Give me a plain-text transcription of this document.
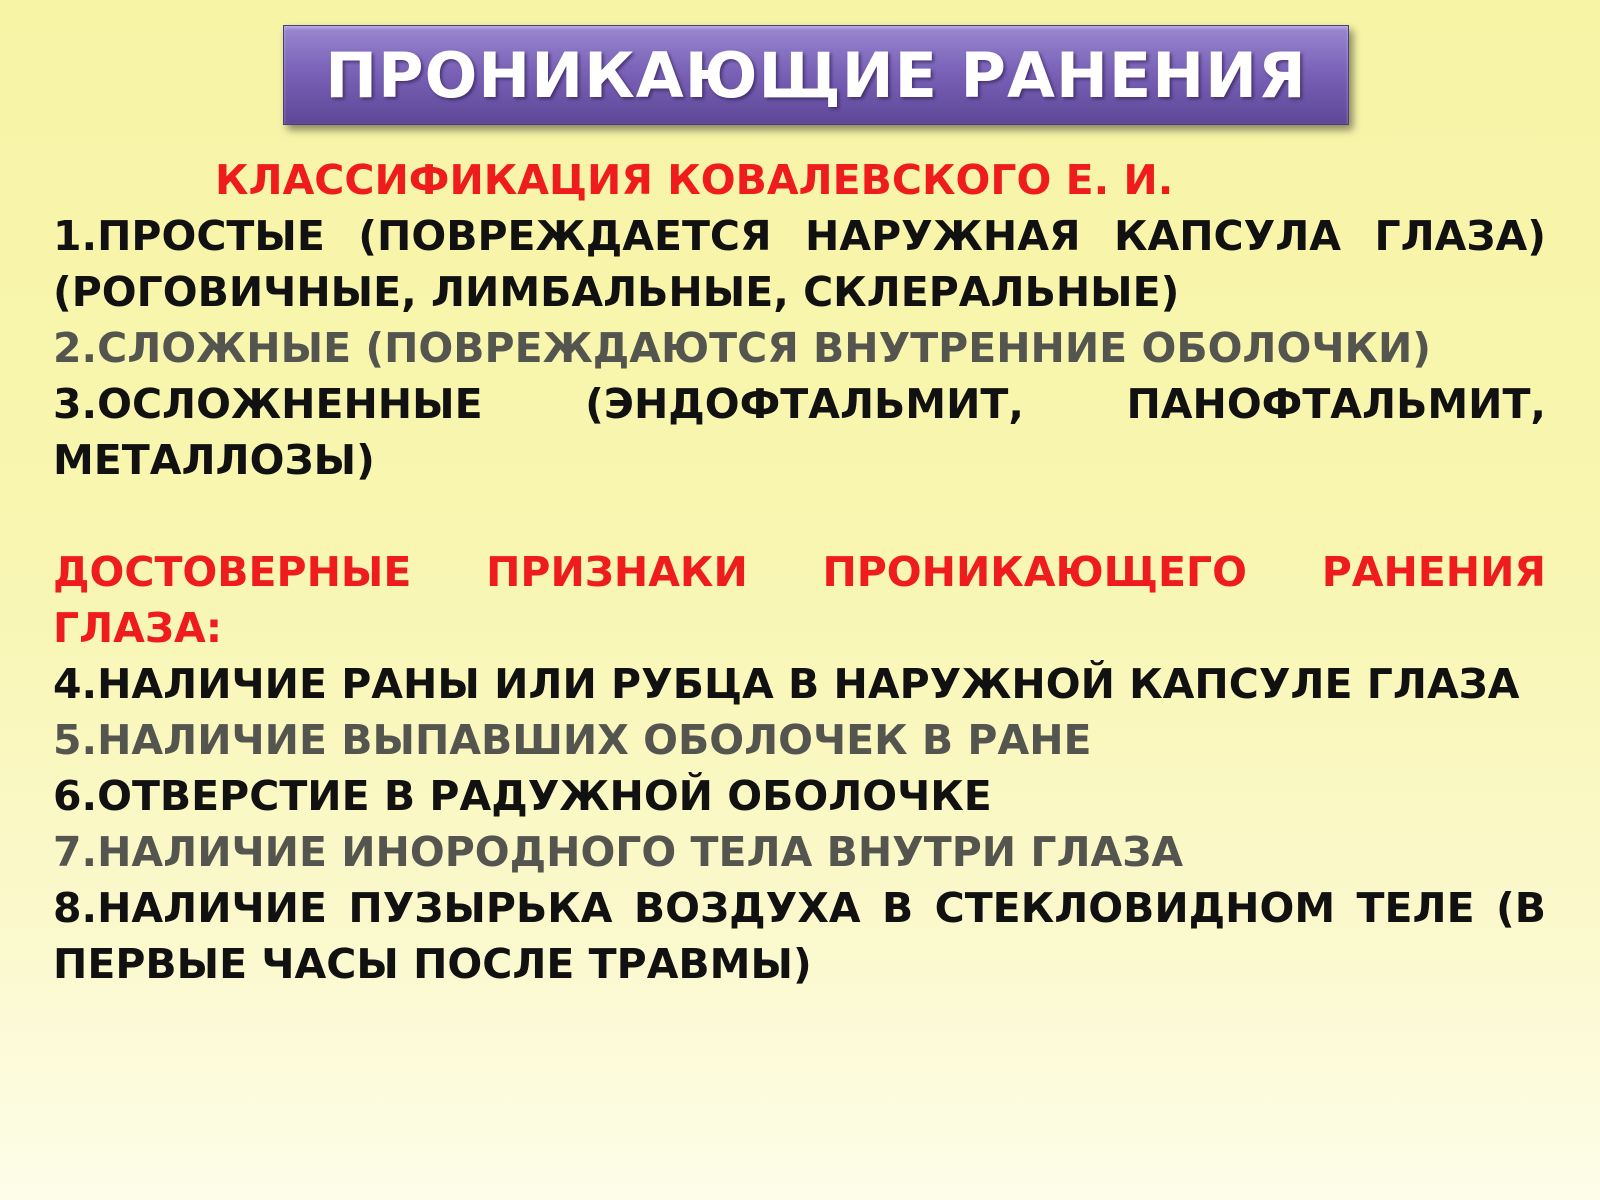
ПРОНИКАЮЩИЕ РАНЕНИЯ

КЛАССИФИКАЦИЯ КОВАЛЕВСКОГО Е. И.

1.ПРОСТЫЕ (ПОВРЕЖДАЕТСЯ НАРУЖНАЯ КАПСУЛА ГЛАЗА) (РОГОВИЧНЫЕ, ЛИМБАЛЬНЫЕ, СКЛЕРАЛЬНЫЕ)

2.СЛОЖНЫЕ (ПОВРЕЖДАЮТСЯ ВНУТРЕННИЕ ОБОЛОЧКИ)

3.ОСЛОЖНЕННЫЕ (ЭНДОФТАЛЬМИТ, ПАНОФТАЛЬМИТ, МЕТАЛЛОЗЫ)

ДОСТОВЕРНЫЕ ПРИЗНАКИ ПРОНИКАЮЩЕГО РАНЕНИЯ ГЛАЗА:

4.НАЛИЧИЕ РАНЫ ИЛИ РУБЦА В НАРУЖНОЙ КАПСУЛЕ ГЛАЗА

5.НАЛИЧИЕ ВЫПАВШИХ ОБОЛОЧЕК В РАНЕ

6.ОТВЕРСТИЕ В РАДУЖНОЙ ОБОЛОЧКЕ

7.НАЛИЧИЕ ИНОРОДНОГО ТЕЛА ВНУТРИ ГЛАЗА

8.НАЛИЧИЕ ПУЗЫРЬКА ВОЗДУХА В СТЕКЛОВИДНОМ ТЕЛЕ (В ПЕРВЫЕ ЧАСЫ ПОСЛЕ ТРАВМЫ)
